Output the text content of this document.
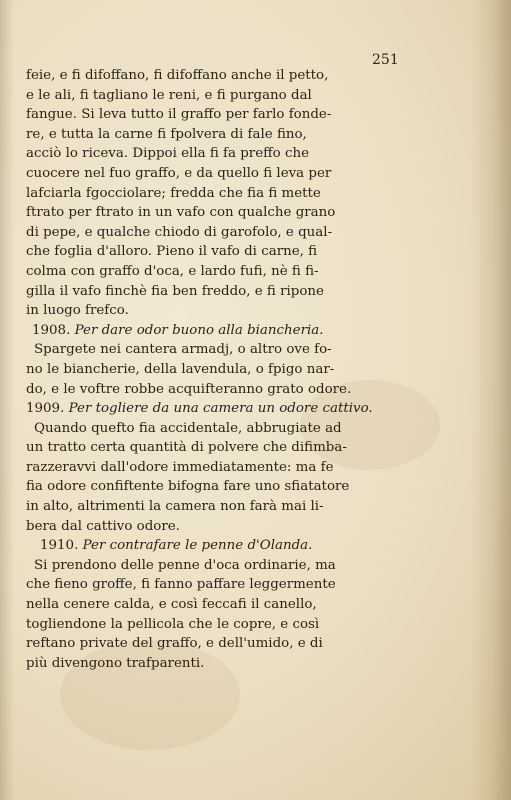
251
feie, e fi difoffano, fi difoffano anche il petto,
e le ali, fi tagliano le reni, e fi purgano dal
fangue. Si leva tutto il graffo per farlo fonde-
re, e tutta la carne fi fpolvera di fale fino,
acciò lo riceva. Dippoi ella fi fa preffo che
cuocere nel fuo graffo, e da quello fi leva per
lafciarla fgocciolare; fredda che fia fi mette
ftrato per ftrato in un vafo con qualche grano
di pepe, e qualche chiodo di garofolo, e qual-
che foglia d'alloro. Pieno il vafo di carne, fi
colma con graffo d'oca, e lardo fufi, nè fi fi-
gilla il vafo finchè fia ben freddo, e fi ripone
in luogo frefco.
1908. Per dare odor buono alla biancheria.
Spargete nei cantera armadj, o altro ove fo-
no le biancherie, della lavendula, o fpigo nar-
do, e le voftre robbe acquifteranno grato odore.
1909. Per togliere da una camera un odore cattivo.
Quando quefto fia accidentale, abbrugiate ad
un tratto certa quantità di polvere che difimba-
razzeravvi dall'odore immediatamente: ma fe
fia odore confiftente bifogna fare uno sfiatatore
in alto, altrimenti la camera non farà mai li-
bera dal cattivo odore.
1910. Per contrafare le penne d'Olanda.
Si prendono delle penne d'oca ordinarie, ma
che fieno groffe, fi fanno paffare leggermente
nella cenere calda, e così feccafi il canello,
togliendone la pellicola che le copre, e così
reftano private del graffo, e dell'umido, e di
più divengono trafparenti.
